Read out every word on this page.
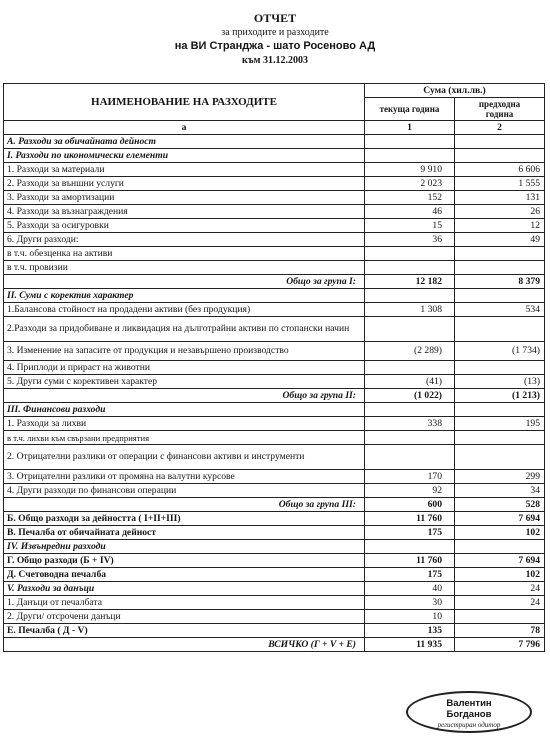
ОТЧЕТ
за приходите и разходите
на ВИ Странджа - шато Росеново АД
към 31.12.2003
НАИМЕНОВАНИЕ НА РАЗХОДИТЕ	Сума (хил.лв.)	
	текуща година	предходна година
а	1	2
А. Разходи за обичайната дейност		
I. Разходи по икономически елементи		
1. Разходи за материали	9 910	6 606
2. Разходи за външни услуги	2 023	1 555
3. Разходи за амортизации	152	131
4. Разходи за възнаграждения	46	26
5. Разходи за осигуровки	15	12
6. Други разходи:	36	49
в т.ч. обезценка на активи		
в т.ч. провизии		
Общо за група I:	12 182	8 379
II. Суми с коректив характер		
1.Балансова стойност на продадени активи (без продукция)	1 308	534
2.Разходи за придобиване и ликвидация на дълготрайни активи по стопански начин		
3. Изменение на запасите от продукция и незавършено производство	(2 289)	(1 734)
4. Приплоди и прираст на животни		
5. Други суми с корективен характер	(41)	(13)
Общо за група II:	(1 022)	(1 213)
III. Финансови разходи		
1. Разходи за лихви	338	195
в т.ч. лихви към свързани предприятия		
2. Отрицателни разлики от операции с финансови активи и инструменти		
3. Отрицателни разлики от промяна на валутни курсове	170	299
4. Други разходи по финансови операции	92	34
Общо за група III:	600	528
Б. Общо разходи за дейността ( I+II+III)	11 760	7 694
В. Печалба от обичайната дейност	175	102
IV. Извънредни разходи		
Г. Общо разходи (Б + IV)	11 760	7 694
Д. Счетоводна печалба	175	102
V. Разходи за данъци	40	24
1. Данъци от печалбата	30	24
2. Други/ отсрочени данъци	10	
Е. Печалба ( Д - V)	135	78
ВСИЧКО (Г + V + Е)	11 935	7 796
Валентин
Богданов
регистриран одитор
